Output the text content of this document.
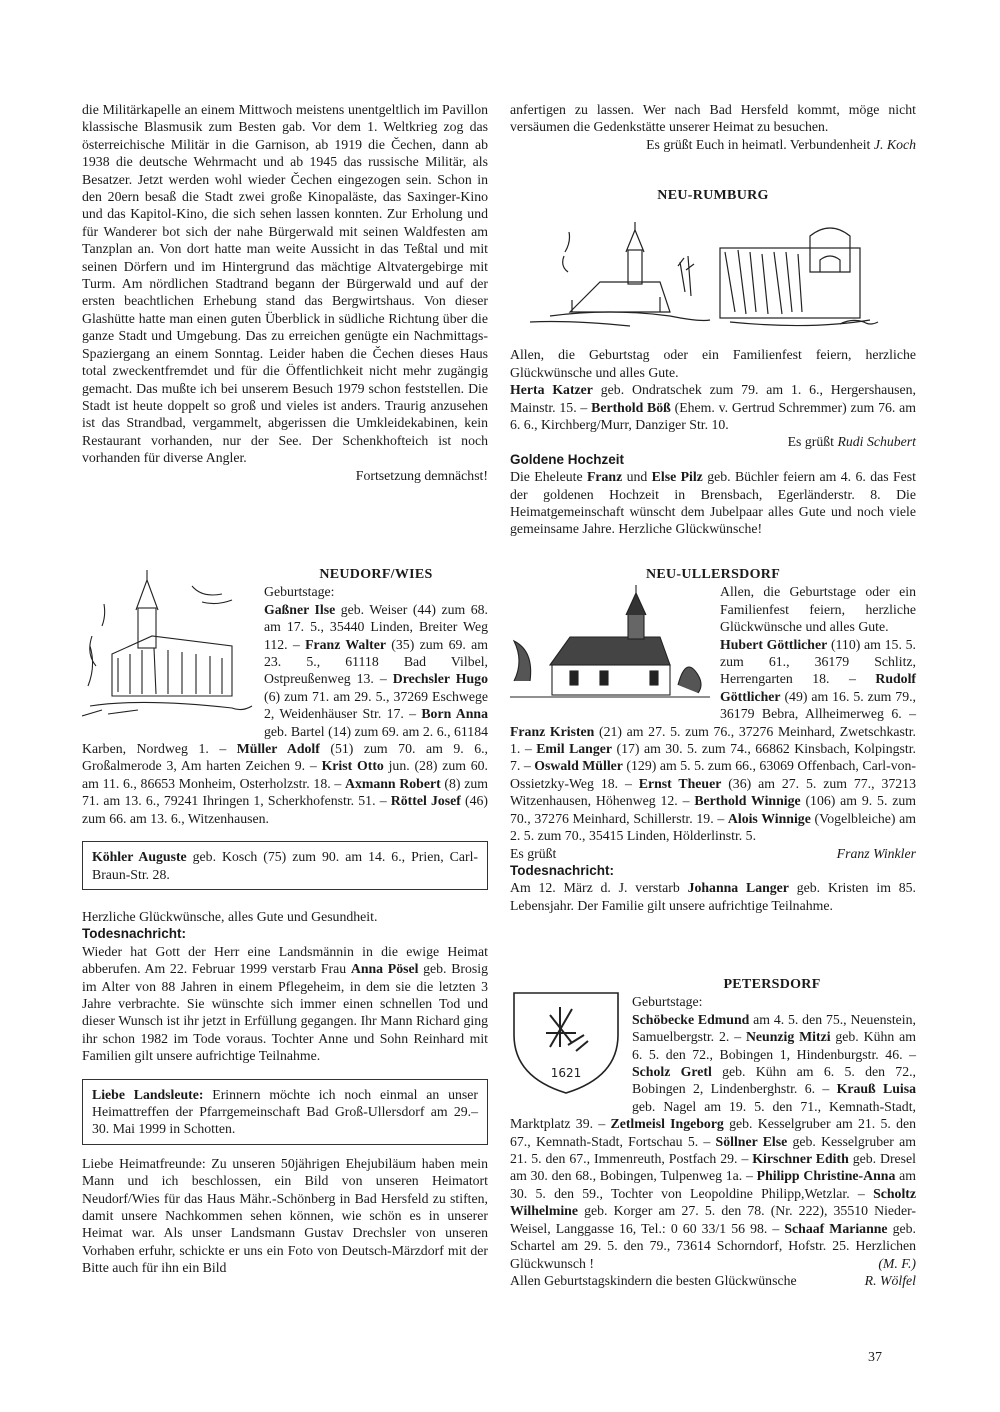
die Militärkapelle an einem Mittwoch meistens unentgeltlich im Pavillon klassische Blasmusik zum Besten gab. Vor dem 1. Weltkrieg zog das österreichische Militär in die Garnison, ab 1919 die Čechen, dann ab 1938 die deutsche Wehrmacht und ab 1945 das russische Militär, als Besatzer. Jetzt werden wohl wieder Čechen eingezogen sein. Schon in den 20ern besaß die Stadt zwei große Kinopaläste, das Saxinger-Kino und das Kapitol-Kino, die sich sehen lassen konnten. Zur Erholung und für Wanderer bot sich der nahe Bürgerwald mit seinen Waldfesten am Tanzplan an. Von dort hatte man weite Aussicht in das Teßtal und mit seinen Dörfern und im Hintergrund das mächtige Altvatergebirge mit Turm. Am nördlichen Stadtrand begann der Bürgerwald und auf der ersten beachtlichen Erhebung stand das Bergwirtshaus. Von dieser Glashütte hatte man einen guten Überblick in südliche Richtung über die ganze Stadt und Umgebung. Das zu erreichen genügte ein Nachmittags-Spaziergang an einem Sonntag. Leider haben die Čechen dieses Haus total zweckentfremdet und für die Öffentlichkeit nicht mehr zugängig gemacht. Das mußte ich bei unserem Besuch 1979 schon feststellen. Die Stadt ist heute doppelt so groß und vieles ist anders. Traurig anzusehen ist das Strandbad, vergammelt, abgerissen die Umkleidekabinen, kein Restaurant vorhanden, nur der See. Der Schenkhofteich ist noch vorhanden für diverse Angler.

Fortsetzung demnächst!

anfertigen zu lassen. Wer nach Bad Hersfeld kommt, möge nicht versäumen die Gedenkstätte unserer Heimat zu besuchen.

Es grüßt Euch in heimatl. Verbundenheit J. Koch

NEU-RUMBURG

Allen, die Geburtstag oder ein Familienfest feiern, herzliche Glückwünsche und alles Gute.

Herta Katzer geb. Ondratschek zum 79. am 1. 6., Hergershausen, Mainstr. 15. – Berthold Böß (Ehem. v. Gertrud Schremmer) zum 76. am 6. 6., Kirchberg/Murr, Danziger Str. 10.

Es grüßt Rudi Schubert

Goldene Hochzeit

Die Eheleute Franz und Else Pilz geb. Büchler feiern am 4. 6. das Fest der goldenen Hochzeit in Brensbach, Egerländerstr. 8. Die Heimatgemeinschaft wünscht dem Jubelpaar alles Gute und noch viele gemeinsame Jahre. Herzliche Glückwünsche!

NEUDORF/WIES

Geburtstage:

Gaßner Ilse geb. Weiser (44) zum 68. am 17. 5., 35440 Linden, Breiter Weg 112. – Franz Walter (35) zum 69. am 23. 5., 61118 Bad Vilbel, Ostpreußenweg 13. – Drechsler Hugo (6) zum 71. am 29. 5., 37269 Eschwege 2, Weidenhäuser Str. 17. – Born Anna geb. Bartel (14) zum 69. am 2. 6., 61184 Karben, Nordweg 1. – Müller Adolf (51) zum 70. am 9. 6., Großalmerode 3, Am harten Zeichen 9. – Krist Otto jun. (28) zum 60. am 11. 6., 86653 Monheim, Osterholzstr. 18. – Axmann Robert (8) zum 71. am 13. 6., 79241 Ihringen 1, Scherkhofenstr. 51. – Röttel Josef (46) zum 66. am 13. 6., Witzenhausen.

Köhler Auguste geb. Kosch (75) zum 90. am 14. 6., Prien, Carl-Braun-Str. 28.

Herzliche Glückwünsche, alles Gute und Gesundheit.

Todesnachricht:

Wieder hat Gott der Herr eine Landsmännin in die ewige Heimat abberufen. Am 22. Februar 1999 verstarb Frau Anna Pösel geb. Brosig im Alter von 88 Jahren in einem Pflegeheim, in dem sie die letzten 3 Jahre verbrachte. Sie wünschte sich immer einen schnellen Tod und dieser Wunsch ist ihr jetzt in Erfüllung gegangen. Ihr Mann Richard ging ihr schon 1982 im Tode voraus. Tochter Anne und Sohn Reinhard mit Familien gilt unsere aufrichtige Teilnahme.

Liebe Landsleute: Erinnern möchte ich noch einmal an unser Heimattreffen der Pfarrgemeinschaft Bad Groß-Ullersdorf am 29.–30. Mai 1999 in Schotten.

Liebe Heimatfreunde: Zu unseren 50jährigen Ehejubiläum haben mein Mann und ich beschlossen, ein Bild von unseren Heimatort Neudorf/Wies für das Haus Mähr.-Schönberg in Bad Hersfeld zu stiften, damit unsere Nachkommen sehen können, wie schön es in unserer Heimat war. Als unser Landsmann Gustav Drechsler von unseren Vorhaben erfuhr, schickte er uns ein Foto von Deutsch-Märzdorf mit der Bitte auch für ihn ein Bild

NEU-ULLERSDORF

Allen, die Geburtstage oder ein Familienfest feiern, herzliche Glückwünsche und alles Gute.

Hubert Göttlicher (110) am 15. 5. zum 61., 36179 Schlitz, Herrengarten 18. – Rudolf Göttlicher (49) am 16. 5. zum 79., 36179 Bebra, Allheimerweg 6. – Franz Kristen (21) am 27. 5. zum 76., 37276 Meinhard, Zwetschkastr. 1. – Emil Langer (17) am 30. 5. zum 74., 66862 Kinsbach, Kolpingstr. 7. – Oswald Müller (129) am 5. 5. zum 66., 63069 Offenbach, Carl-von-Ossietzky-Weg 18. – Ernst Theuer (36) am 27. 5. zum 77., 37213 Witzenhausen, Höhenweg 12. – Berthold Winnige (106) am 9. 5. zum 70., 37276 Meinhard, Schillerstr. 19. – Alois Winnige (Vogelbleiche) am 2. 5. zum 70., 35415 Linden, Hölderlinstr. 5.

Es grüßt	Franz Winkler

Todesnachricht:

Am 12. März d. J. verstarb Johanna Langer geb. Kristen im 85. Lebensjahr. Der Familie gilt unsere aufrichtige Teilnahme.

PETERSDORF
1621

Geburtstage:

Schöbecke Edmund am 4. 5. den 75., Neuenstein, Samuelbergstr. 2. – Neunzig Mitzi geb. Kühn am 6. 5. den 72., Bobingen 1, Hindenburgstr. 46. – Scholz Gretl geb. Kühn am 6. 5. den 72., Bobingen 2, Lindenberghstr. 6. – Krauß Luisa geb. Nagel am 19. 5. den 71., Kemnath-Stadt, Marktplatz 39. – Zetlmeisl Ingeborg geb. Kesselgruber am 21. 5. den 67., Kemnath-Stadt, Fortschau 5. – Söllner Else geb. Kesselgruber am 21. 5. den 67., Immenreuth, Postfach 29. – Kirschner Edith geb. Dresel am 30. den 68., Bobingen, Tulpenweg 1a. – Philipp Christine-Anna am 30. 5. den 59., Tochter von Leopoldine Philipp,Wetzlar. – Scholtz Wilhelmine geb. Korger am 27. 5. den 78. (Nr. 222), 35510 Nieder-Weisel, Langgasse 16, Tel.: 0 60 33/1 56 98. – Schaaf Marianne geb. Schartel am 29. 5. den 79., 73614 Schorndorf, Hofstr. 25. Herzlichen Glückwunsch !	(M. F.)

Allen Geburtstagskindern die besten Glückwünsche	R. Wölfel

37
